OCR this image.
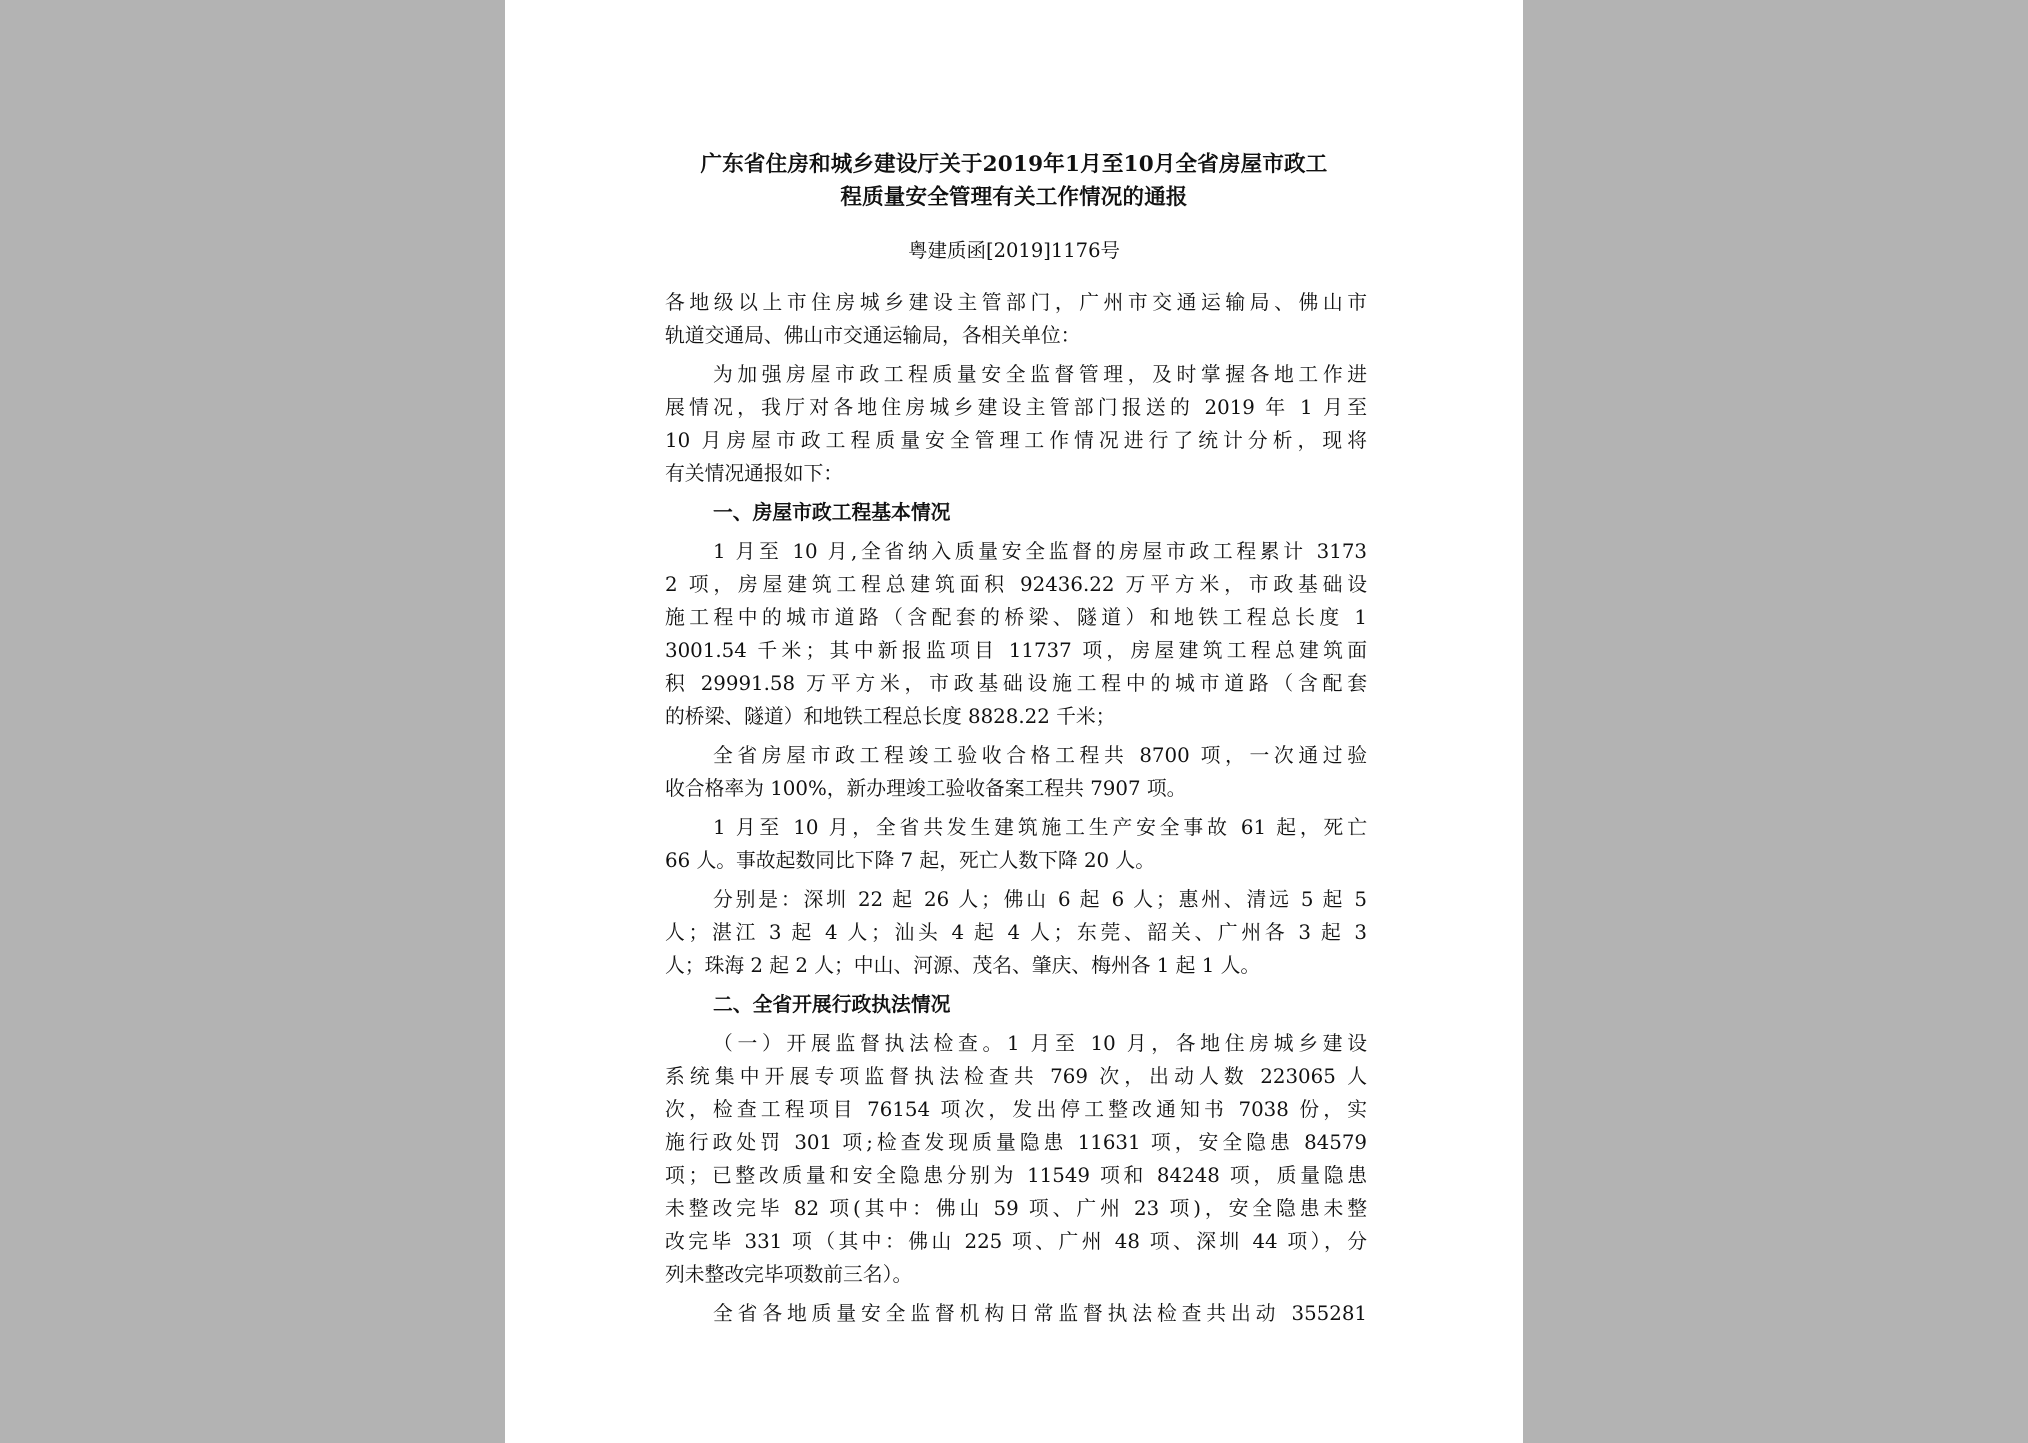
广东省住房和城乡建设厅关于2019年1月至10月全省房屋市政工
程质量安全管理有关工作情况的通报
粤建质函[2019]1176号
各地级以上市住房城乡建设主管部门，广州市交通运输局、佛山市
轨道交通局、佛山市交通运输局，各相关单位：
为加强房屋市政工程质量安全监督管理，及时掌握各地工作进
展情况，我厅对各地住房城乡建设主管部门报送的 2019 年 1 月至
10 月房屋市政工程质量安全管理工作情况进行了统计分析，现将
有关情况通报如下：
一、房屋市政工程基本情况
1 月至 10 月,全省纳入质量安全监督的房屋市政工程累计 3173
2 项，房屋建筑工程总建筑面积 92436.22 万平方米，市政基础设
施工程中的城市道路（含配套的桥梁、隧道）和地铁工程总长度 1
3001.54 千米；其中新报监项目 11737 项，房屋建筑工程总建筑面
积 29991.58 万平方米，市政基础设施工程中的城市道路（含配套
的桥梁、隧道）和地铁工程总长度 8828.22 千米；
全省房屋市政工程竣工验收合格工程共 8700 项，一次通过验
收合格率为 100%，新办理竣工验收备案工程共 7907 项。
1 月至 10 月，全省共发生建筑施工生产安全事故 61 起，死亡
66 人。事故起数同比下降 7 起，死亡人数下降 20 人。
分别是：深圳 22 起 26 人；佛山 6 起 6 人；惠州、清远 5 起 5
人；湛江 3 起 4 人；汕头 4 起 4 人；东莞、韶关、广州各 3 起 3
人；珠海 2 起 2 人；中山、河源、茂名、肇庆、梅州各 1 起 1 人。
二、全省开展行政执法情况
（一）开展监督执法检查。1 月至 10 月，各地住房城乡建设
系统集中开展专项监督执法检查共 769 次，出动人数 223065 人
次，检查工程项目 76154 项次，发出停工整改通知书 7038 份，实
施行政处罚 301 项;检查发现质量隐患 11631 项，安全隐患 84579
项；已整改质量和安全隐患分别为 11549 项和 84248 项，质量隐患
未整改完毕 82 项(其中：佛山 59 项、广州 23 项)，安全隐患未整
改完毕 331 项（其中：佛山 225 项、广州 48 项、深圳 44 项），分
列未整改完毕项数前三名）。
全省各地质量安全监督机构日常监督执法检查共出动 355281
